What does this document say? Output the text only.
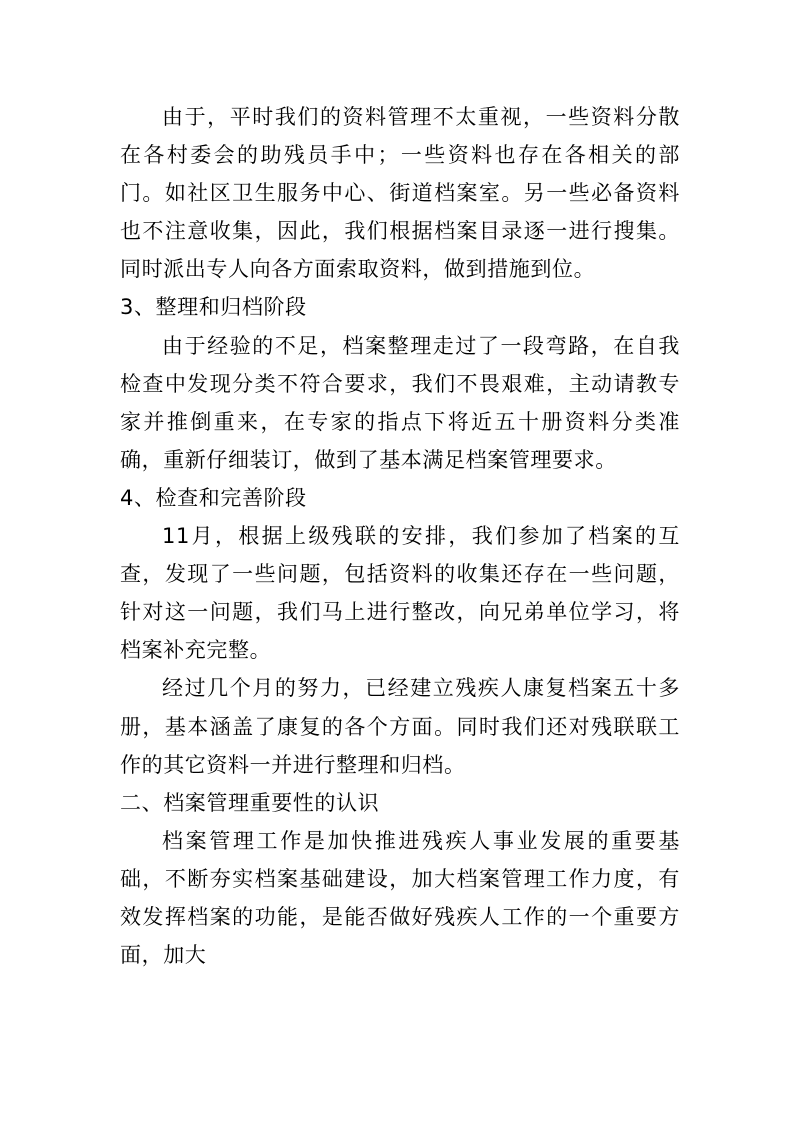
由于，平时我们的资料管理不太重视，一些资料分散在各村委会的助残员手中；一些资料也存在各相关的部门。如社区卫生服务中心、街道档案室。另一些必备资料也不注意收集，因此，我们根据档案目录逐一进行搜集。同时派出专人向各方面索取资料，做到措施到位。

3、整理和归档阶段

由于经验的不足，档案整理走过了一段弯路，在自我检查中发现分类不符合要求，我们不畏艰难，主动请教专家并推倒重来，在专家的指点下将近五十册资料分类准确，重新仔细装订，做到了基本满足档案管理要求。

4、检查和完善阶段

11月，根据上级残联的安排，我们参加了档案的互查，发现了一些问题，包括资料的收集还存在一些问题，针对这一问题，我们马上进行整改，向兄弟单位学习，将档案补充完整。

经过几个月的努力，已经建立残疾人康复档案五十多册，基本涵盖了康复的各个方面。同时我们还对残联联工作的其它资料一并进行整理和归档。

二、档案管理重要性的认识

档案管理工作是加快推进残疾人事业发展的重要基础，不断夯实档案基础建设，加大档案管理工作力度，有效发挥档案的功能，是能否做好残疾人工作的一个重要方面，加大
